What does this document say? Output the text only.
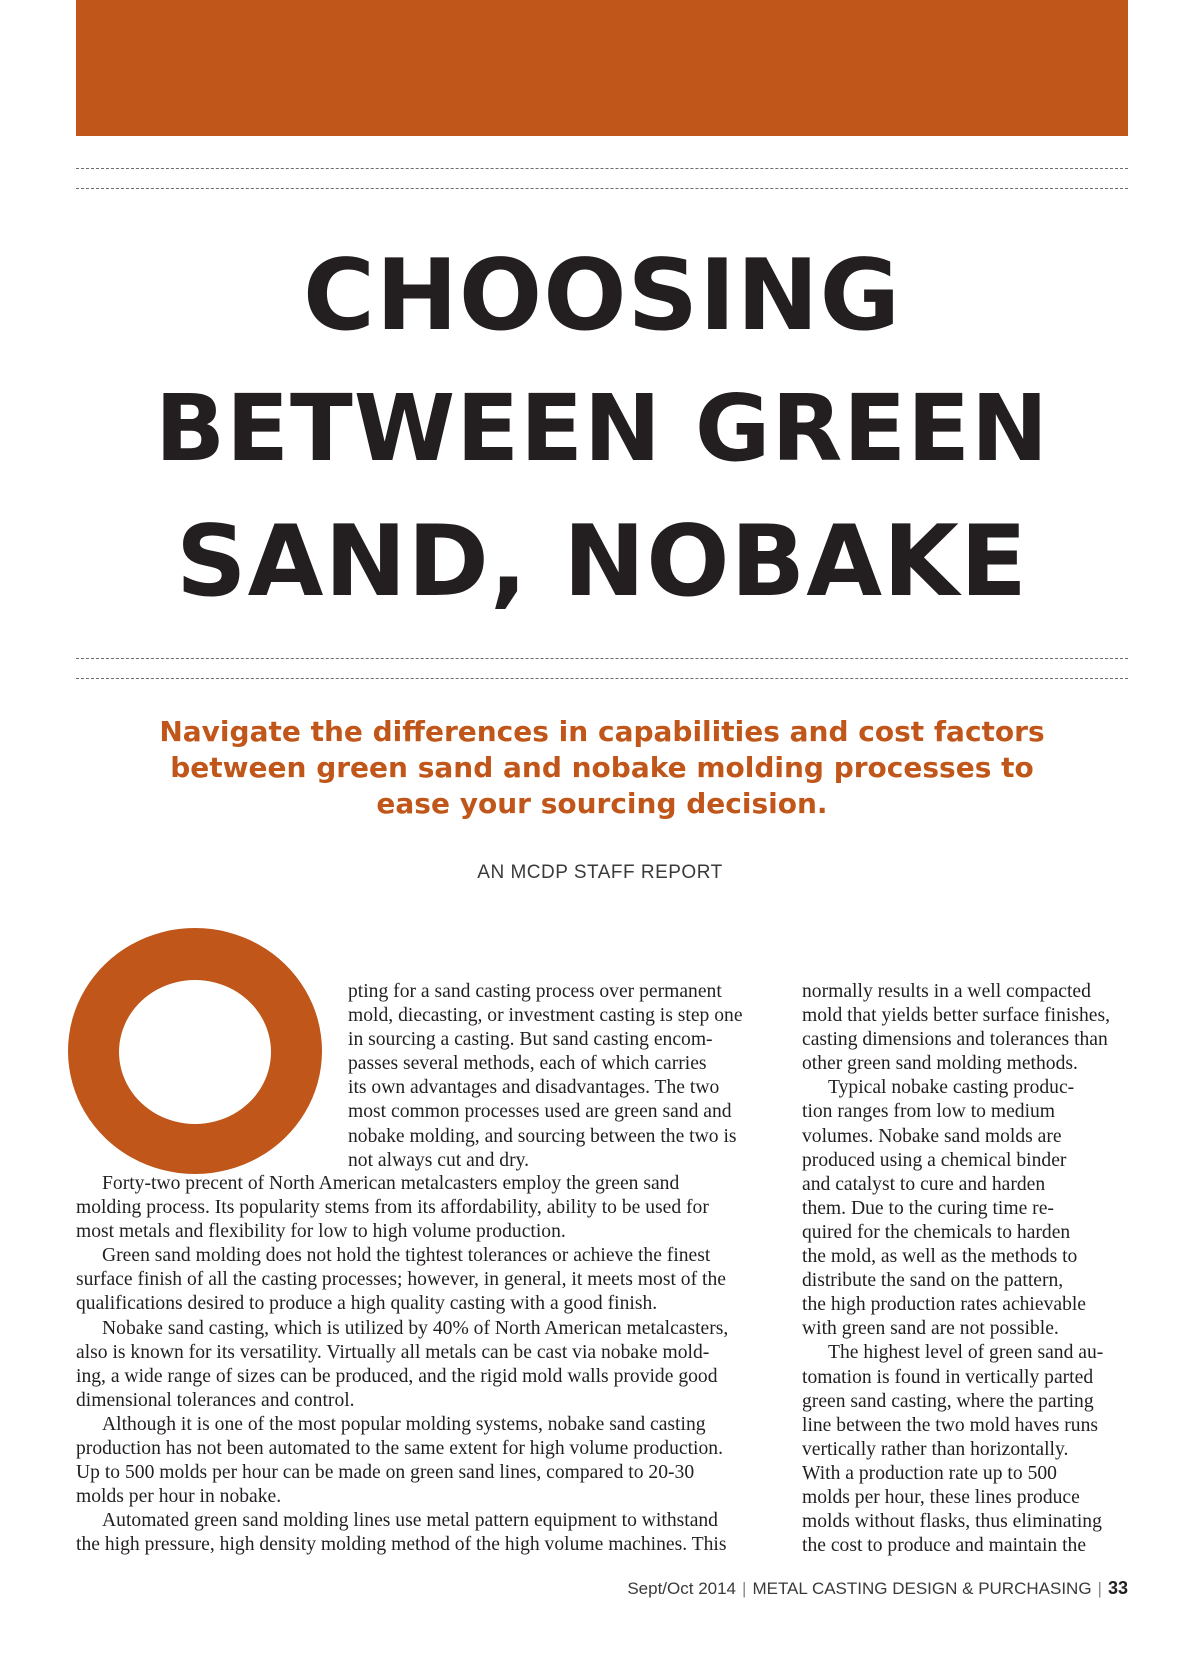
CHOOSING
BETWEEN GREEN
SAND, NOBAKE
Navigate the differences in capabilities and cost factors
between green sand and nobake molding processes to
ease your sourcing decision.
AN MCDP STAFF REPORT
pting for a sand casting process over permanent
mold, diecasting, or investment casting is step one
in sourcing a casting. But sand casting encom-
passes several methods, each of which carries
its own advantages and disadvantages. The two
most common processes used are green sand and
nobake molding, and sourcing between the two is
not always cut and dry.
Forty-two precent of North American metalcasters employ the green sand
molding process. Its popularity stems from its affordability, ability to be used for
most metals and flexibility for low to high volume production.
Green sand molding does not hold the tightest tolerances or achieve the finest
surface finish of all the casting processes; however, in general, it meets most of the
qualifications desired to produce a high quality casting with a good finish.
Nobake sand casting, which is utilized by 40% of North American metalcasters,
also is known for its versatility. Virtually all metals can be cast via nobake mold-
ing, a wide range of sizes can be produced, and the rigid mold walls provide good
dimensional tolerances and control.
Although it is one of the most popular molding systems, nobake sand casting
production has not been automated to the same extent for high volume production.
Up to 500 molds per hour can be made on green sand lines, compared to 20-30
molds per hour in nobake.
Automated green sand molding lines use metal pattern equipment to withstand
the high pressure, high density molding method of the high volume machines. This
normally results in a well compacted
mold that yields better surface finishes,
casting dimensions and tolerances than
other green sand molding methods.
Typical nobake casting produc-
tion ranges from low to medium
volumes. Nobake sand molds are
produced using a chemical binder
and catalyst to cure and harden
them. Due to the curing time re-
quired for the chemicals to harden
the mold, as well as the methods to
distribute the sand on the pattern,
the high production rates achievable
with green sand are not possible.
The highest level of green sand au-
tomation is found in vertically parted
green sand casting, where the parting
line between the two mold haves runs
vertically rather than horizontally.
With a production rate up to 500
molds per hour, these lines produce
molds without flasks, thus eliminating
the cost to produce and maintain the
Sept/Oct 2014 | METAL CASTING DESIGN & PURCHASING | 33
